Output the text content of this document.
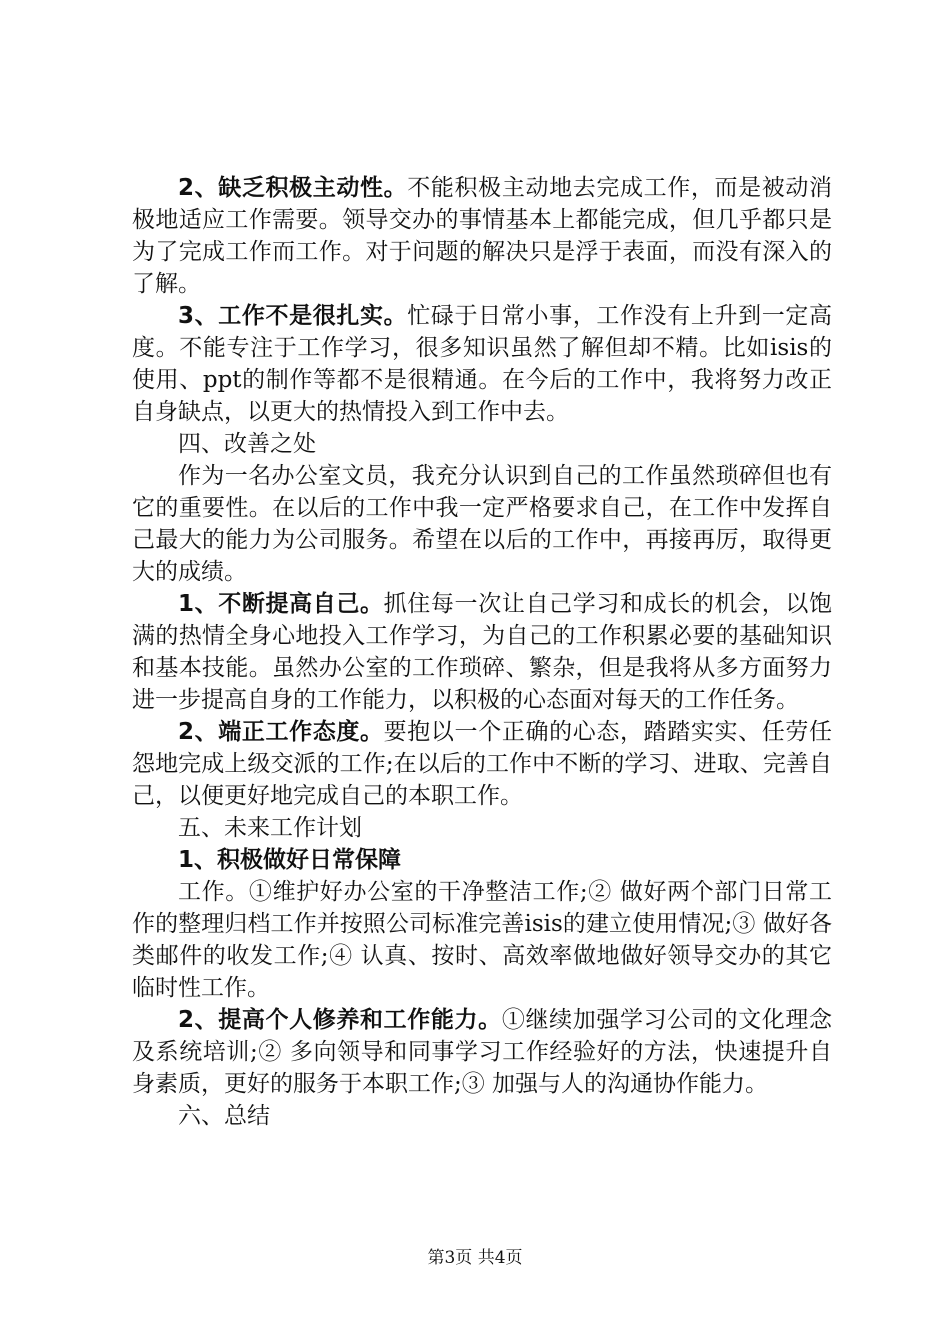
2、缺乏积极主动性。不能积极主动地去完成工作，而是被动消极地适应工作需要。领导交办的事情基本上都能完成，但几乎都只是为了完成工作而工作。对于问题的解决只是浮于表面，而没有深入的了解。

3、工作不是很扎实。忙碌于日常小事，工作没有上升到一定高度。不能专注于工作学习，很多知识虽然了解但却不精。比如isis的使用、ppt的制作等都不是很精通。在今后的工作中，我将努力改正自身缺点，以更大的热情投入到工作中去。

四、改善之处

作为一名办公室文员，我充分认识到自己的工作虽然琐碎但也有它的重要性。在以后的工作中我一定严格要求自己，在工作中发挥自己最大的能力为公司服务。希望在以后的工作中，再接再厉，取得更大的成绩。

1、不断提高自己。抓住每一次让自己学习和成长的机会，以饱满的热情全身心地投入工作学习，为自己的工作积累必要的基础知识和基本技能。虽然办公室的工作琐碎、繁杂，但是我将从多方面努力进一步提高自身的工作能力，以积极的心态面对每天的工作任务。

2、端正工作态度。要抱以一个正确的心态，踏踏实实、任劳任怨地完成上级交派的工作;在以后的工作中不断的学习、进取、完善自己，以便更好地完成自己的本职工作。

五、未来工作计划

1、积极做好日常保障

工作。①维护好办公室的干净整洁工作;② 做好两个部门日常工作的整理归档工作并按照公司标准完善isis的建立使用情况;③ 做好各类邮件的收发工作;④ 认真、按时、高效率做地做好领导交办的其它临时性工作。

2、提高个人修养和工作能力。①继续加强学习公司的文化理念及系统培训;② 多向领导和同事学习工作经验好的方法，快速提升自身素质，更好的服务于本职工作;③ 加强与人的沟通协作能力。

六、总结

第3页 共4页
